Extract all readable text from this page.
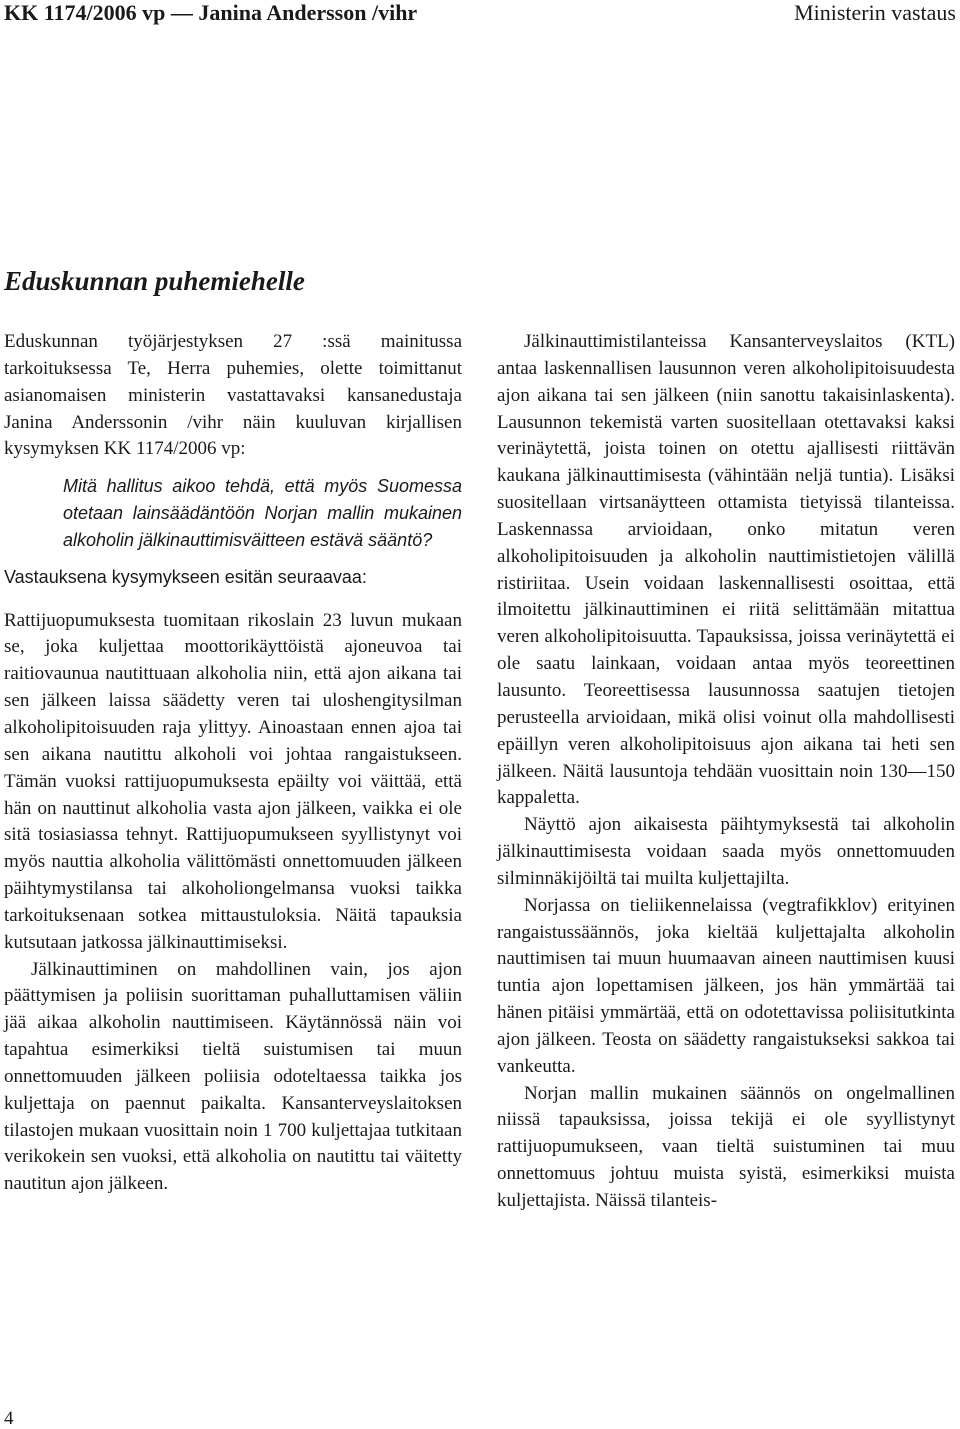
KK 1174/2006 vp — Janina Andersson /vihr	Ministerin vastaus
Eduskunnan puhemiehelle

Eduskunnan työjärjestyksen 27 :ssä mainitussa tarkoituksessa Te, Herra puhemies, olette toimittanut asianomaisen ministerin vastattavaksi kansanedustaja Janina Anderssonin /vihr näin kuuluvan kirjallisen kysymyksen KK 1174/2006 vp:

Mitä hallitus aikoo tehdä, että myös Suomessa otetaan lainsäädäntöön Norjan mallin mukainen alkoholin jälkinauttimisväitteen estävä sääntö?

Vastauksena kysymykseen esitän seuraavaa:

Rattijuopumuksesta tuomitaan rikoslain 23 luvun mukaan se, joka kuljettaa moottorikäyttöistä ajoneuvoa tai raitiovaunua nautittuaan alkoholia niin, että ajon aikana tai sen jälkeen laissa säädetty veren tai uloshengitysilman alkoholipitoisuuden raja ylittyy. Ainoastaan ennen ajoa tai sen aikana nautittu alkoholi voi johtaa rangaistukseen. Tämän vuoksi rattijuopumuksesta epäilty voi väittää, että hän on nauttinut alkoholia vasta ajon jälkeen, vaikka ei ole sitä tosiasiassa tehnyt. Rattijuopumukseen syyllistynyt voi myös nauttia alkoholia välittömästi onnettomuuden jälkeen päihtymystilansa tai alkoholiongelmansa vuoksi taikka tarkoituksenaan sotkea mittaustuloksia. Näitä tapauksia kutsutaan jatkossa jälkinauttimiseksi.

Jälkinauttiminen on mahdollinen vain, jos ajon päättymisen ja poliisin suorittaman puhalluttamisen väliin jää aikaa alkoholin nauttimiseen. Käytännössä näin voi tapahtua esimerkiksi tieltä suistumisen tai muun onnettomuuden jälkeen poliisia odoteltaessa taikka jos kuljettaja on paennut paikalta. Kansanterveyslaitoksen tilastojen mukaan vuosittain noin 1 700 kuljettajaa tutkitaan verikokein sen vuoksi, että alkoholia on nautittu tai väitetty nautitun ajon jälkeen.

Jälkinauttimistilanteissa Kansanterveyslaitos (KTL) antaa laskennallisen lausunnon veren alkoholipitoisuudesta ajon aikana tai sen jälkeen (niin sanottu takaisinlaskenta). Lausunnon tekemistä varten suositellaan otettavaksi kaksi verinäytettä, joista toinen on otettu ajallisesti riittävän kaukana jälkinauttimisesta (vähintään neljä tuntia). Lisäksi suositellaan virtsanäytteen ottamista tietyissä tilanteissa. Laskennassa arvioidaan, onko mitatun veren alkoholipitoisuuden ja alkoholin nauttimistietojen välillä ristiriitaa. Usein voidaan laskennallisesti osoittaa, että ilmoitettu jälkinauttiminen ei riitä selittämään mitattua veren alkoholipitoisuutta. Tapauksissa, joissa verinäytettä ei ole saatu lainkaan, voidaan antaa myös teoreettinen lausunto. Teoreettisessa lausunnossa saatujen tietojen perusteella arvioidaan, mikä olisi voinut olla mahdollisesti epäillyn veren alkoholipitoisuus ajon aikana tai heti sen jälkeen. Näitä lausuntoja tehdään vuosittain noin 130—150 kappaletta.

Näyttö ajon aikaisesta päihtymyksestä tai alkoholin jälkinauttimisesta voidaan saada myös onnettomuuden silminnäkijöiltä tai muilta kuljettajilta.

Norjassa on tieliikennelaissa (vegtrafikklov) erityinen rangaistussäännös, joka kieltää kuljettajalta alkoholin nauttimisen tai muun huumaavan aineen nauttimisen kuusi tuntia ajon lopettamisen jälkeen, jos hän ymmärtää tai hänen pitäisi ymmärtää, että on odotettavissa poliisitutkinta ajon jälkeen. Teosta on säädetty rangaistukseksi sakkoa tai vankeutta.

Norjan mallin mukainen säännös on ongelmallinen niissä tapauksissa, joissa tekijä ei ole syyllistynyt rattijuopumukseen, vaan tieltä suistuminen tai muu onnettomuus johtuu muista syistä, esimerkiksi muista kuljettajista. Näissä tilanteis-

4
